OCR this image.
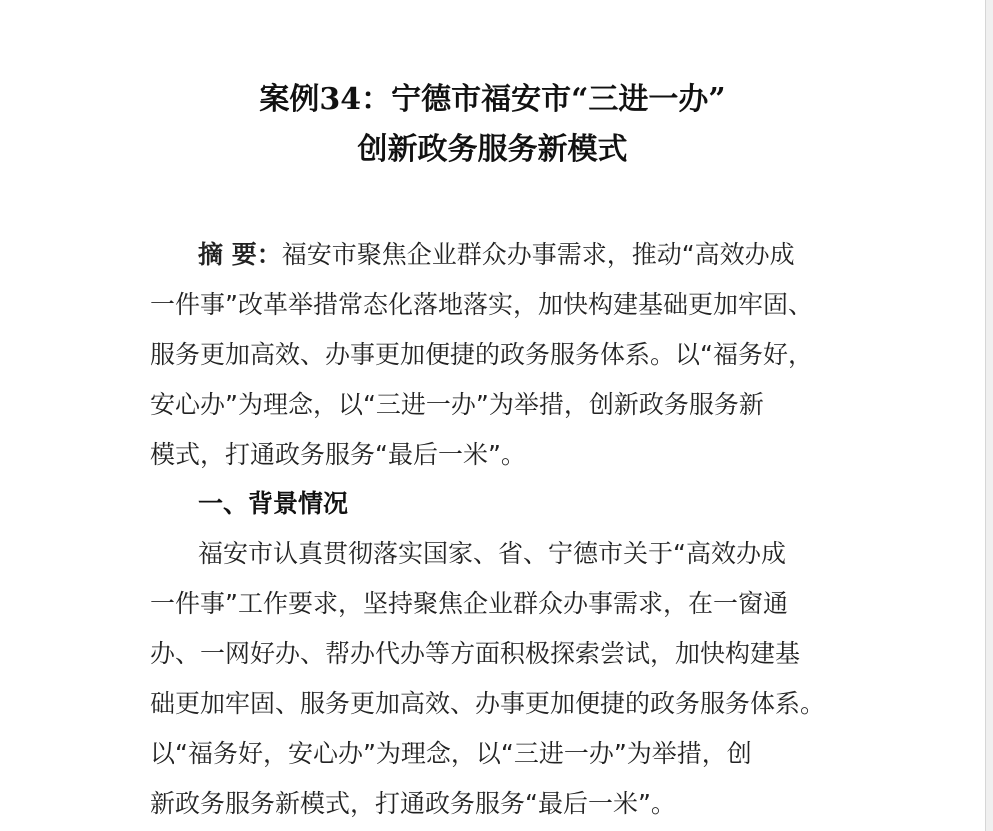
案例34：宁德市福安市“三进一办”
创新政务服务新模式
摘 要：福安市聚焦企业群众办事需求，推动“高效办成
一件事”改革举措常态化落地落实，加快构建基础更加牢固、
服务更加高效、办事更加便捷的政务服务体系。以“福务好，
安心办”为理念，以“三进一办”为举措，创新政务服务新
模式，打通政务服务“最后一米”。
一、背景情况
福安市认真贯彻落实国家、省、宁德市关于“高效办成
一件事”工作要求，坚持聚焦企业群众办事需求，在一窗通
办、一网好办、帮办代办等方面积极探索尝试，加快构建基
础更加牢固、服务更加高效、办事更加便捷的政务服务体系。
以“福务好，安心办”为理念，以“三进一办”为举措，创
新政务服务新模式，打通政务服务“最后一米”。
